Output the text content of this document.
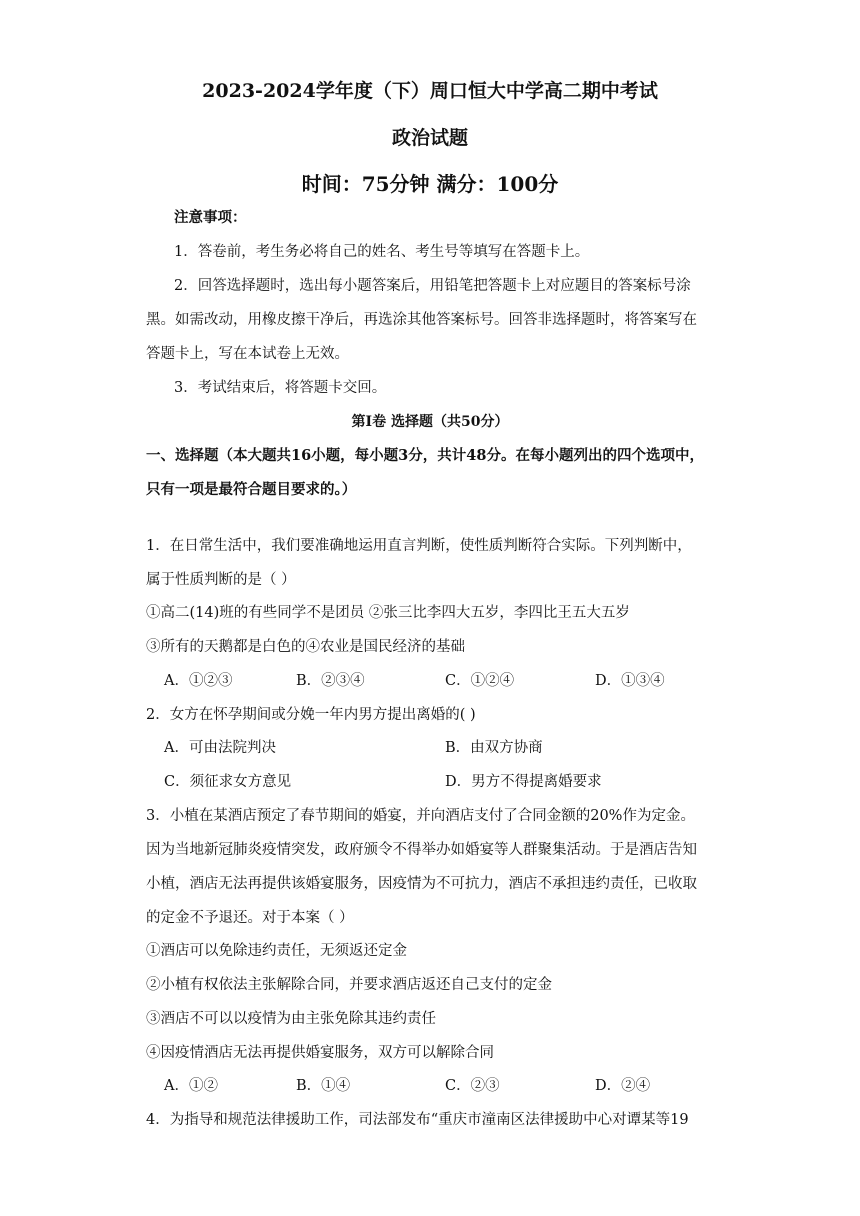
2023-2024学年度（下）周口恒大中学高二期中考试
政治试题
时间：75分钟 满分：100分
注意事项：
1．答卷前，考生务必将自己的姓名、考生号等填写在答题卡上。
2．回答选择题时，选出每小题答案后，用铅笔把答题卡上对应题目的答案标号涂
黑。如需改动，用橡皮擦干净后，再选涂其他答案标号。回答非选择题时，将答案写在
答题卡上，写在本试卷上无效。
3．考试结束后，将答题卡交回。
第Ⅰ卷 选择题（共50分）
一、选择题（本大题共16小题，每小题3分，共计48分。在每小题列出的四个选项中，
只有一项是最符合题目要求的。）
1．在日常生活中，我们要准确地运用直言判断，使性质判断符合实际。下列判断中，
属于性质判断的是（ ）
①高二(14)班的有些同学不是团员 ②张三比李四大五岁，李四比王五大五岁
③所有的天鹅都是白色的④农业是国民经济的基础
A．①②③	B．②③④	C．①②④	D．①③④
2．女方在怀孕期间或分娩一年内男方提出离婚的( )
A．可由法院判决	B．由双方协商
C．须征求女方意见	D．男方不得提离婚要求
3．小植在某酒店预定了春节期间的婚宴，并向酒店支付了合同金额的20%作为定金。
因为当地新冠肺炎疫情突发，政府颁令不得举办如婚宴等人群聚集活动。于是酒店告知
小植，酒店无法再提供该婚宴服务，因疫情为不可抗力，酒店不承担违约责任，已收取
的定金不予退还。对于本案（ ）
①酒店可以免除违约责任，无须返还定金
②小植有权依法主张解除合同，并要求酒店返还自己支付的定金
③酒店不可以以疫情为由主张免除其违约责任
④因疫情酒店无法再提供婚宴服务，双方可以解除合同
A．①②	B．①④	C．②③	D．②④
4．为指导和规范法律援助工作，司法部发布“重庆市潼南区法律援助中心对谭某等19
